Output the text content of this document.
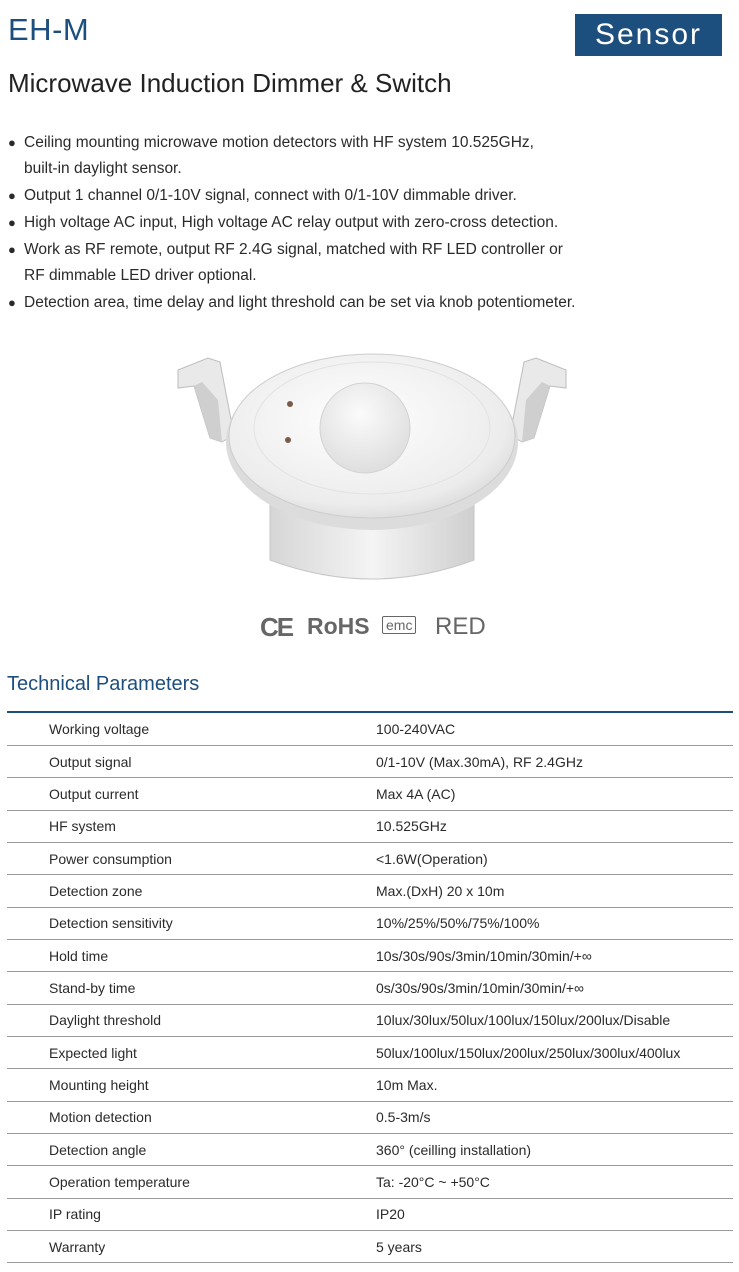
EH-M	Sensor
Microwave Induction Dimmer & Switch
● Ceiling mounting microwave motion detectors with HF system 10.525GHz,
built-in daylight sensor.
● Output 1 channel 0/1-10V signal, connect with 0/1-10V dimmable driver.
● High voltage AC input, High voltage AC relay output with zero-cross detection.
● Work as RF remote, output RF 2.4G signal, matched with RF LED controller or
RF dimmable LED driver optional.
● Detection area, time delay and light threshold can be set via knob potentiometer.
CE RoHS emc RED
Technical Parameters
Working voltage	100-240VAC
Output signal	0/1-10V (Max.30mA), RF 2.4GHz
Output current	Max 4A (AC)
HF system	10.525GHz
Power consumption	<1.6W(Operation)
Detection zone	Max.(DxH) 20 x 10m
Detection sensitivity	10%/25%/50%/75%/100%
Hold time	10s/30s/90s/3min/10min/30min/+∞
Stand-by time	0s/30s/90s/3min/10min/30min/+∞
Daylight threshold	10lux/30lux/50lux/100lux/150lux/200lux/Disable
Expected light	50lux/100lux/150lux/200lux/250lux/300lux/400lux
Mounting height	10m Max.
Motion detection	0.5-3m/s
Detection angle	360° (ceilling installation)
Operation temperature	Ta: -20°C ~ +50°C
IP rating	IP20
Warranty	5 years
